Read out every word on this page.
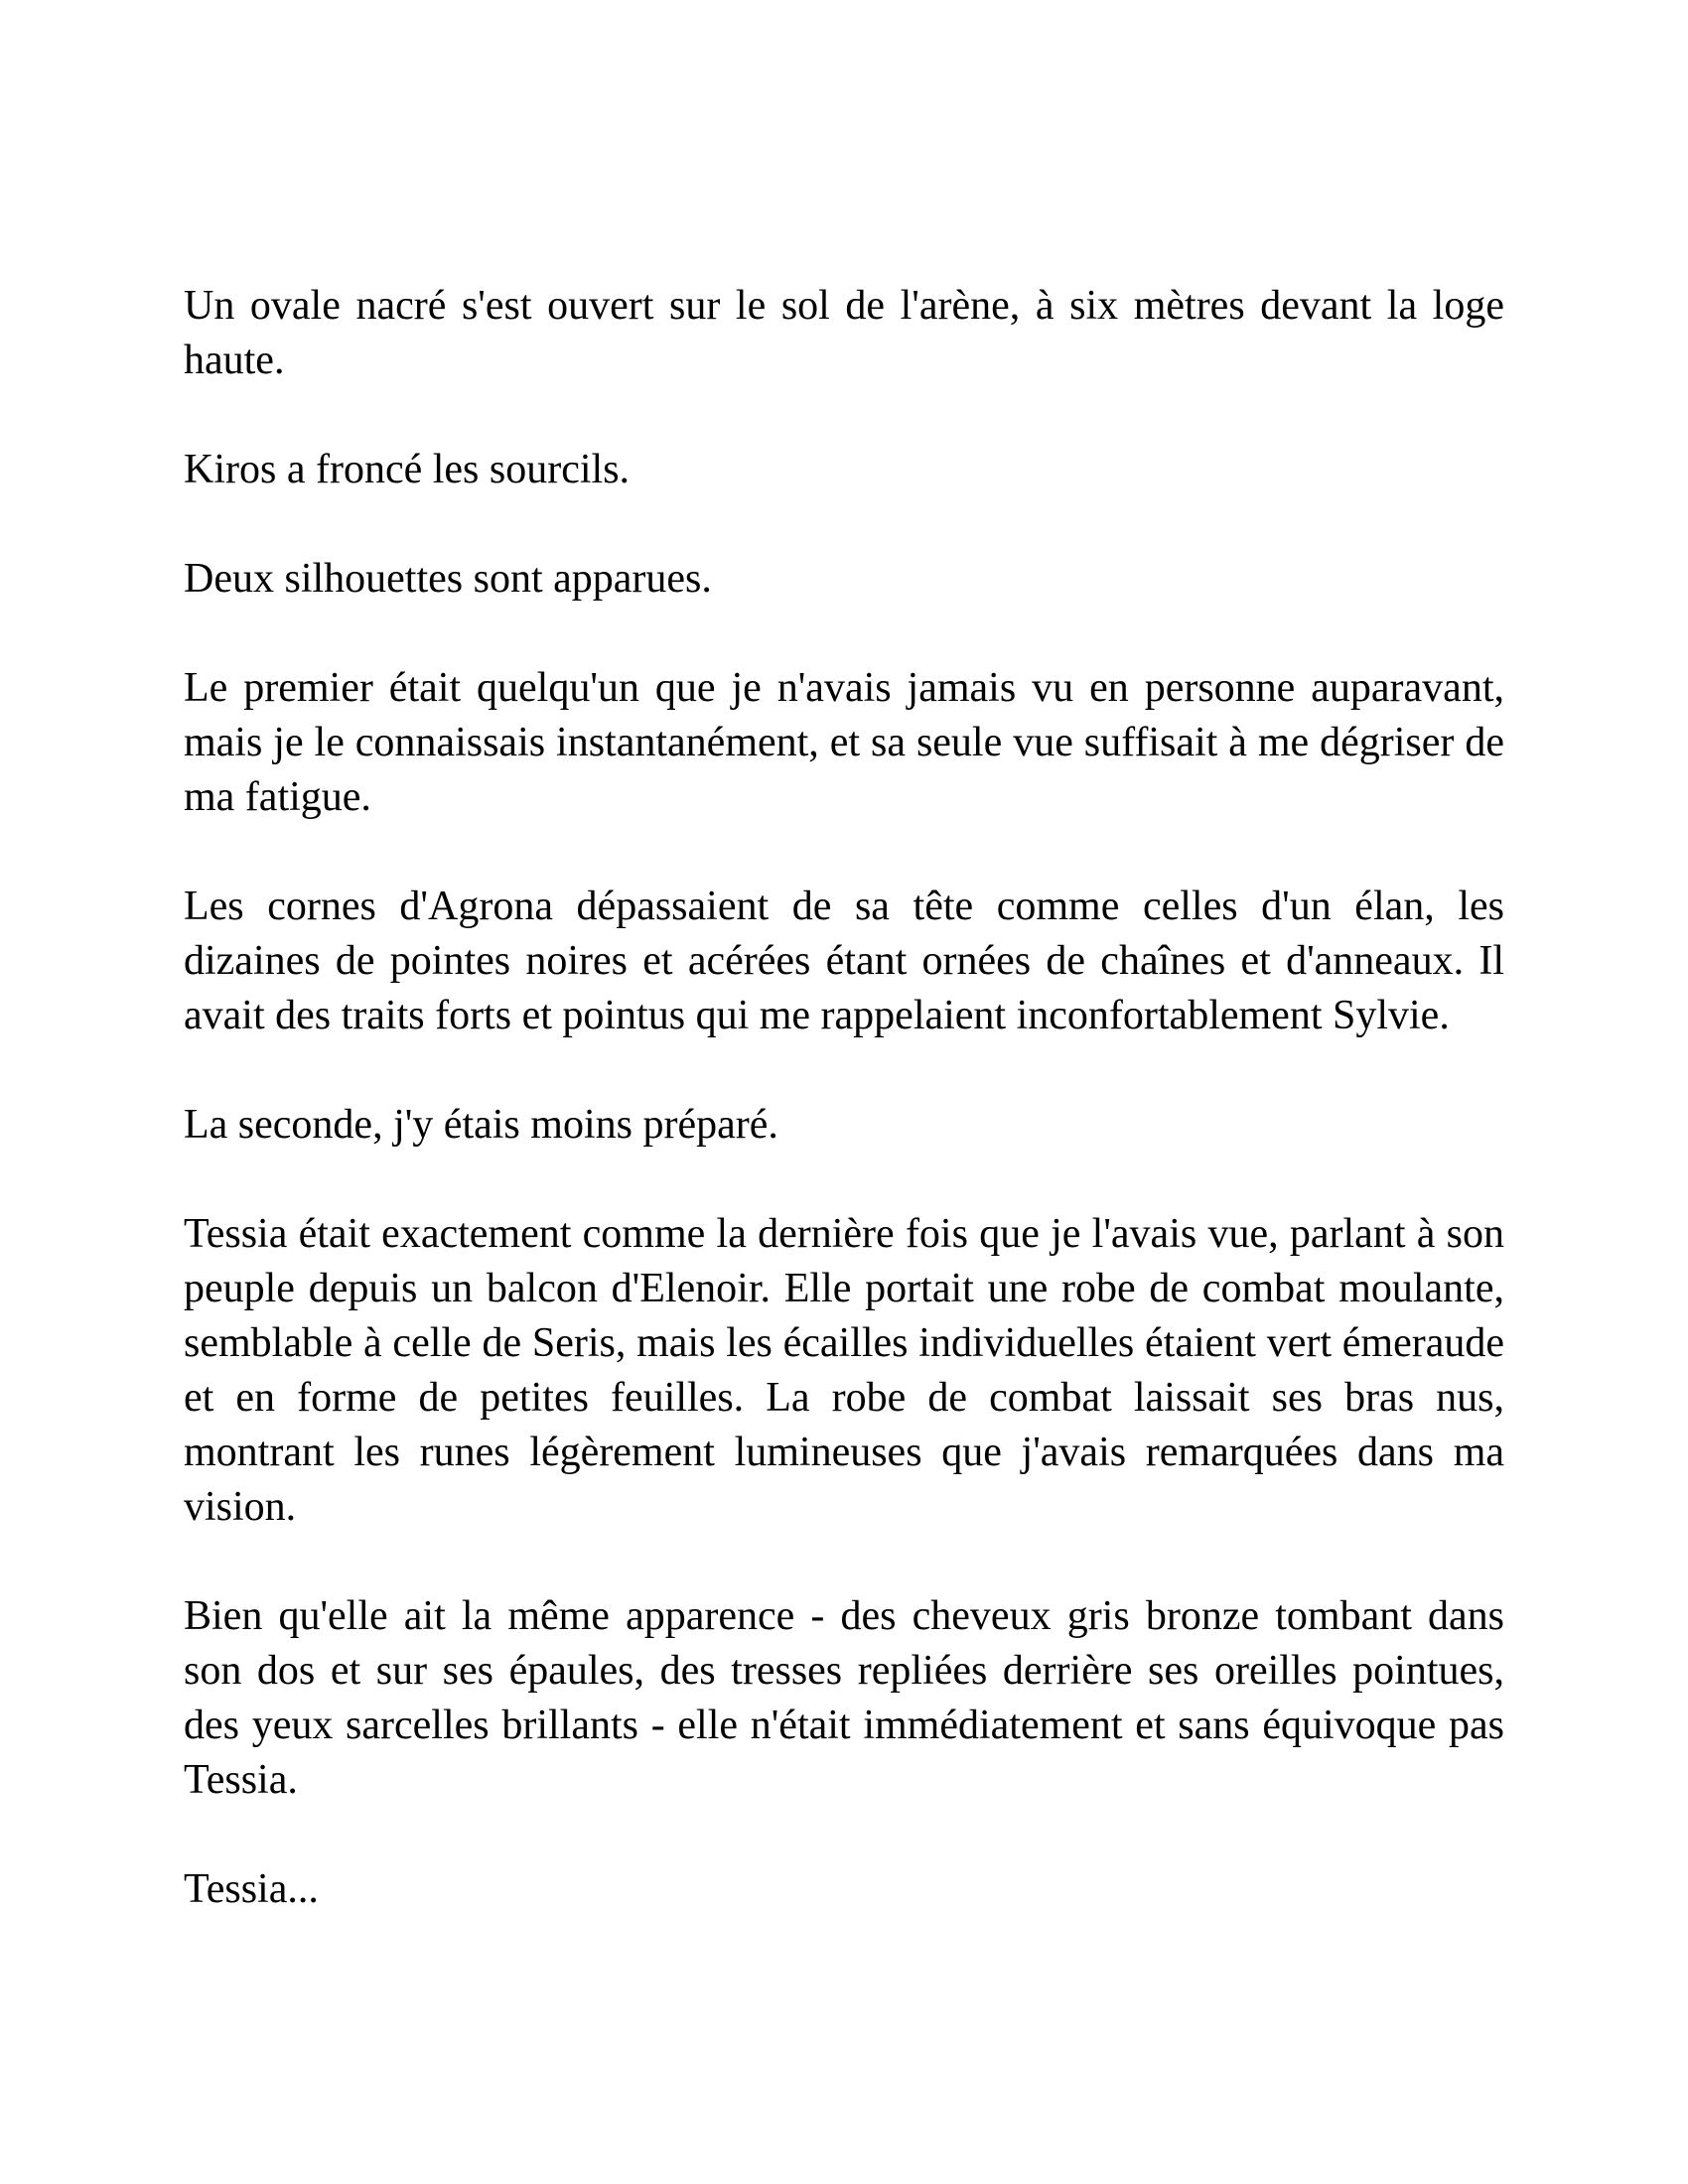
Un ovale nacré s'est ouvert sur le sol de l'arène, à six mètres devant la loge haute.

Kiros a froncé les sourcils.

Deux silhouettes sont apparues.

Le premier était quelqu'un que je n'avais jamais vu en personne auparavant, mais je le connaissais instantanément, et sa seule vue suffisait à me dégriser de ma fatigue.

Les cornes d'Agrona dépassaient de sa tête comme celles d'un élan, les dizaines de pointes noires et acérées étant ornées de chaînes et d'anneaux. Il avait des traits forts et pointus qui me rappelaient inconfortablement Sylvie.

La seconde, j'y étais moins préparé.

Tessia était exactement comme la dernière fois que je l'avais vue, parlant à son peuple depuis un balcon d'Elenoir. Elle portait une robe de combat moulante, semblable à celle de Seris, mais les écailles individuelles étaient vert émeraude et en forme de petites feuilles. La robe de combat laissait ses bras nus, montrant les runes légèrement lumineuses que j'avais remarquées dans ma vision.

Bien qu'elle ait la même apparence - des cheveux gris bronze tombant dans son dos et sur ses épaules, des tresses repliées derrière ses oreilles pointues, des yeux sarcelles brillants - elle n'était immédiatement et sans équivoque pas Tessia.

Tessia...
